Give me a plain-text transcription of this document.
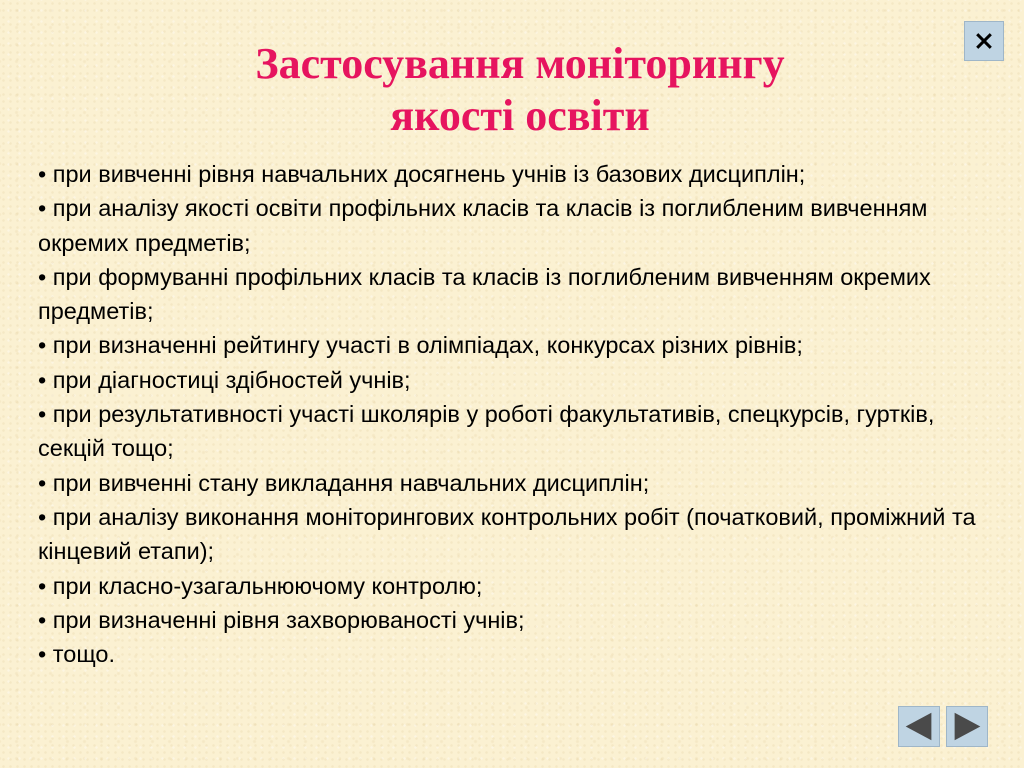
Застосування моніторингу
якості освіти
• при вивченні рівня навчальних досягнень учнів із базових дисциплін;
• при аналізу якості освіти профільних класів та класів із поглибленим вивченням окремих предметів;
• при формуванні профільних класів та класів із поглибленим вивченням окремих предметів;
• при визначенні рейтингу участі в олімпіадах, конкурсах різних рівнів;
• при діагностиці здібностей учнів;
• при результативності участі школярів у роботі факультативів, спецкурсів, гуртків, секцій тощо;
• при вивченні стану викладання навчальних дисциплін;
• при аналізу виконання моніторингових контрольних робіт (початковий, проміжний та кінцевий етапи);
• при класно-узагальнюючому контролю;
• при визначенні рівня захворюваності учнів;
• тощо.
